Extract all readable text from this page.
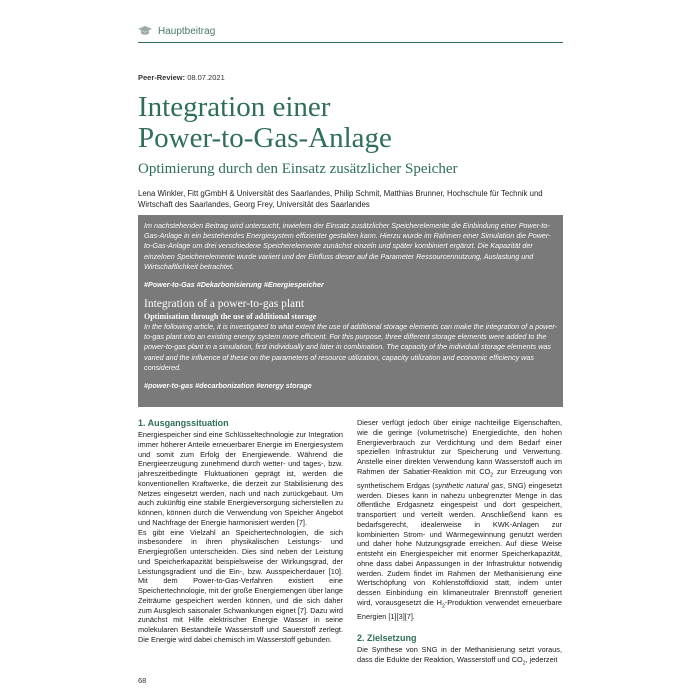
Hauptbeitrag
Peer-Review: 08.07.2021
Integration einer
Power-to-Gas-Anlage
Optimierung durch den Einsatz zusätzlicher Speicher
Lena Winkler, Fitt gGmbH & Universität des Saarlandes, Philip Schmit, Matthias Brunner, Hochschule für Technik und Wirtschaft des Saarlandes, Georg Frey, Universität des Saarlandes
Im nachstehenden Beitrag wird untersucht, inwiefern der Einsatz zusätzlicher Speicherelemente die Einbindung einer Power-to-Gas-Anlage in ein bestehendes Energiesystem effizienter gestalten kann. Hierzu wurde im Rahmen einer Simulation die Power-to-Gas-Anlage um drei verschiedene Speicherelemente zunächst einzeln und später kombiniert ergänzt. Die Kapazität der einzelnen Speicherelemente wurde variiert und der Einfluss dieser auf die Parameter Ressourcennutzung, Auslastung und Wirtschaftlichkeit betrachtet.
#Power-to-Gas #Dekarbonisierung #Energiespeicher
Integration of a power-to-gas plant
Optimisation through the use of additional storage
In the following article, it is investigated to what extent the use of additional storage elements can make the integration of a power-to-gas plant into an existing energy system more efficient. For this purpose, three different storage elements were added to the power-to-gas plant in a simulation, first individually and later in combination. The capacity of the individual storage elements was varied and the influence of these on the parameters of resource utilization, capacity utilization and economic efficiency was considered.
#power-to-gas #decarbonization #energy storage
1. Ausgangssituation

Energiespeicher sind eine Schlüsseltechnologie zur Integration immer höherer Anteile erneuerbarer Energie im Energiesystem und somit zum Erfolg der Energiewende. Während die Energieerzeugung zunehmend durch wetter- und tages-, bzw. jahreszeitbedingte Fluktuationen geprägt ist, werden die konventionellen Kraftwerke, die derzeit zur Stabilisierung des Netzes eingesetzt werden, nach und nach zurückgebaut. Um auch zukünftig eine stabile Energieversorgung sicherstellen zu können, können durch die Verwendung von Speicher Angebot und Nachfrage der Energie harmonisiert werden [7].

Es gibt eine Vielzahl an Speichertechnologien, die sich insbesondere in ihren physikalischen Leistungs- und Energiegrößen unterscheiden. Dies sind neben der Leistung und Speicherkapazität beispielsweise der Wirkungsgrad, der Leistungsgradient und die Ein-, bzw. Ausspeicherdauer [10]. Mit dem Power-to-Gas-Verfahren existiert eine Speichertechnologie, mit der große Energiemengen über lange Zeiträume gespeichert werden können, und die sich daher zum Ausgleich saisonaler Schwankungen eignet [7]. Dazu wird zunächst mit Hilfe elektrischer Energie Wasser in seine molekularen Bestandteile Wasserstoff und Sauerstoff zerlegt. Die Energie wird dabei chemisch im Wasserstoff gebunden.

Dieser verfügt jedoch über einige nachteilige Eigenschaften, wie die geringe (volumetrische) Energiedichte, den hohen Energieverbrauch zur Verdichtung und dem Bedarf einer speziellen Infrastruktur zur Speicherung und Verwertung. Anstelle einer direkten Verwendung kann Wasserstoff auch im Rahmen der Sabatier-Reaktion mit $CO_2$ zur Erzeugung von synthetischem Erdgas (synthetic natural gas, SNG) eingesetzt werden. Dieses kann in nahezu unbegrenzter Menge in das öffentliche Erdgasnetz eingespeist und dort gespeichert, transportiert und verteilt werden. Anschließend kann es bedarfsgerecht, idealerweise in KWK-Anlagen zur kombinierten Strom- und Wärmegewinnung genutzt werden und daher hohe Nutzungsgrade erreichen. Auf diese Weise entsteht ein Energiespeicher mit enormer Speicherkapazität, ohne dass dabei Anpassungen in der Infrastruktur notwendig werden. Zudem findet im Rahmen der Methanisierung eine Wertschöpfung von Kohlenstoffdioxid statt, indem unter dessen Einbindung ein klimaneutraler Brennstoff generiert wird, vorausgesetzt die $H_2$-Produktion verwendet erneuerbare Energien [1][3][7].

2. Zielsetzung

Die Synthese von SNG in der Methanisierung setzt voraus, dass die Edukte der Reaktion, Wasserstoff und $CO_2$, jederzeit

68
